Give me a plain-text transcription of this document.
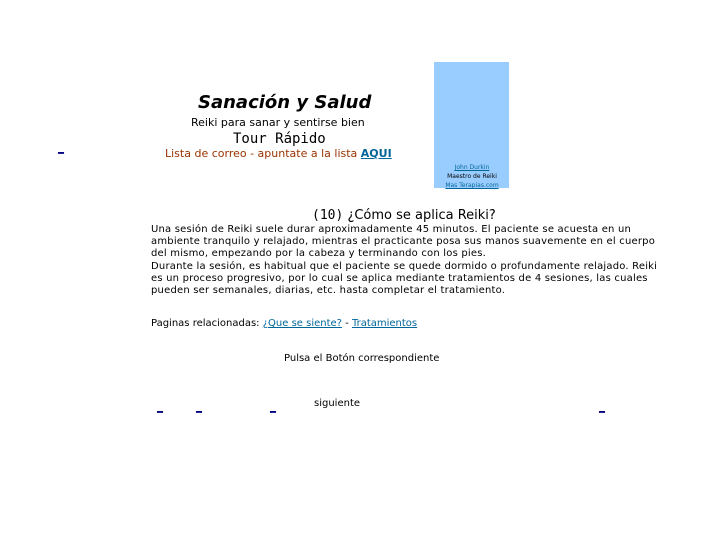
_
Sanación y Salud
Reiki para sanar y sentirse bien
Tour Rápido
Lista de correo - apuntate a la lista AQUI
John Durkin
Maestro de Reiki
Mas Terapias.com
(10) ¿Cómo se aplica Reiki?

Una sesión de Reiki suele durar aproximadamente 45 minutos. El paciente se acuesta en un ambiente tranquilo y relajado, mientras el practicante posa sus manos suavemente en el cuerpo del mismo, empezando por la cabeza y terminando con los pies.

Durante la sesión, es habitual que el paciente se quede dormido o profundamente relajado. Reiki es un proceso progresivo, por lo cual se aplica mediante tratamientos de 4 sesiones, las cuales pueden ser semanales, diarias, etc. hasta completar el tratamiento.

Paginas relacionadas: ¿Que se siente? - Tratamientos
Pulsa el Botón correspondiente
_	_	_	siguiente	_
